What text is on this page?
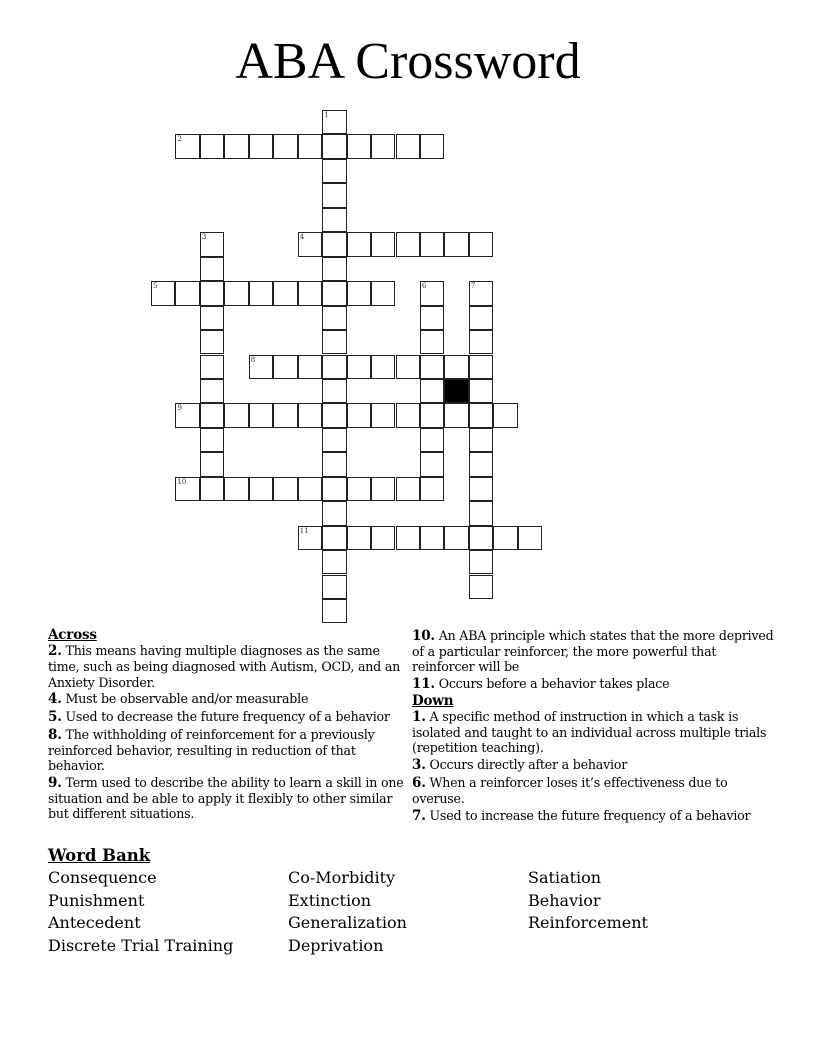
ABA Crossword
1
2
3	4
5	6	7
8
9
10
11
Across
2. This means having multiple diagnoses as the same time, such as being diagnosed with Autism, OCD, and an Anxiety Disorder.
4. Must be observable and/or measurable
5. Used to decrease the future frequency of a behavior
8. The withholding of reinforcement for a previously reinforced behavior, resulting in reduction of that behavior.
9. Term used to describe the ability to learn a skill in one situation and be able to apply it flexibly to other similar but different situations.
10. An ABA principle which states that the more deprived of a particular reinforcer, the more powerful that reinforcer will be
11. Occurs before a behavior takes place
Down
1. A specific method of instruction in which a task is isolated and taught to an individual across multiple trials (repetition teaching).
3. Occurs directly after a behavior
6. When a reinforcer loses it’s effectiveness due to overuse.
7. Used to increase the future frequency of a behavior
Word Bank
Consequence	Co-Morbidity	Satiation
Punishment	Extinction	Behavior
Antecedent	Generalization	Reinforcement
Discrete Trial Training	Deprivation
